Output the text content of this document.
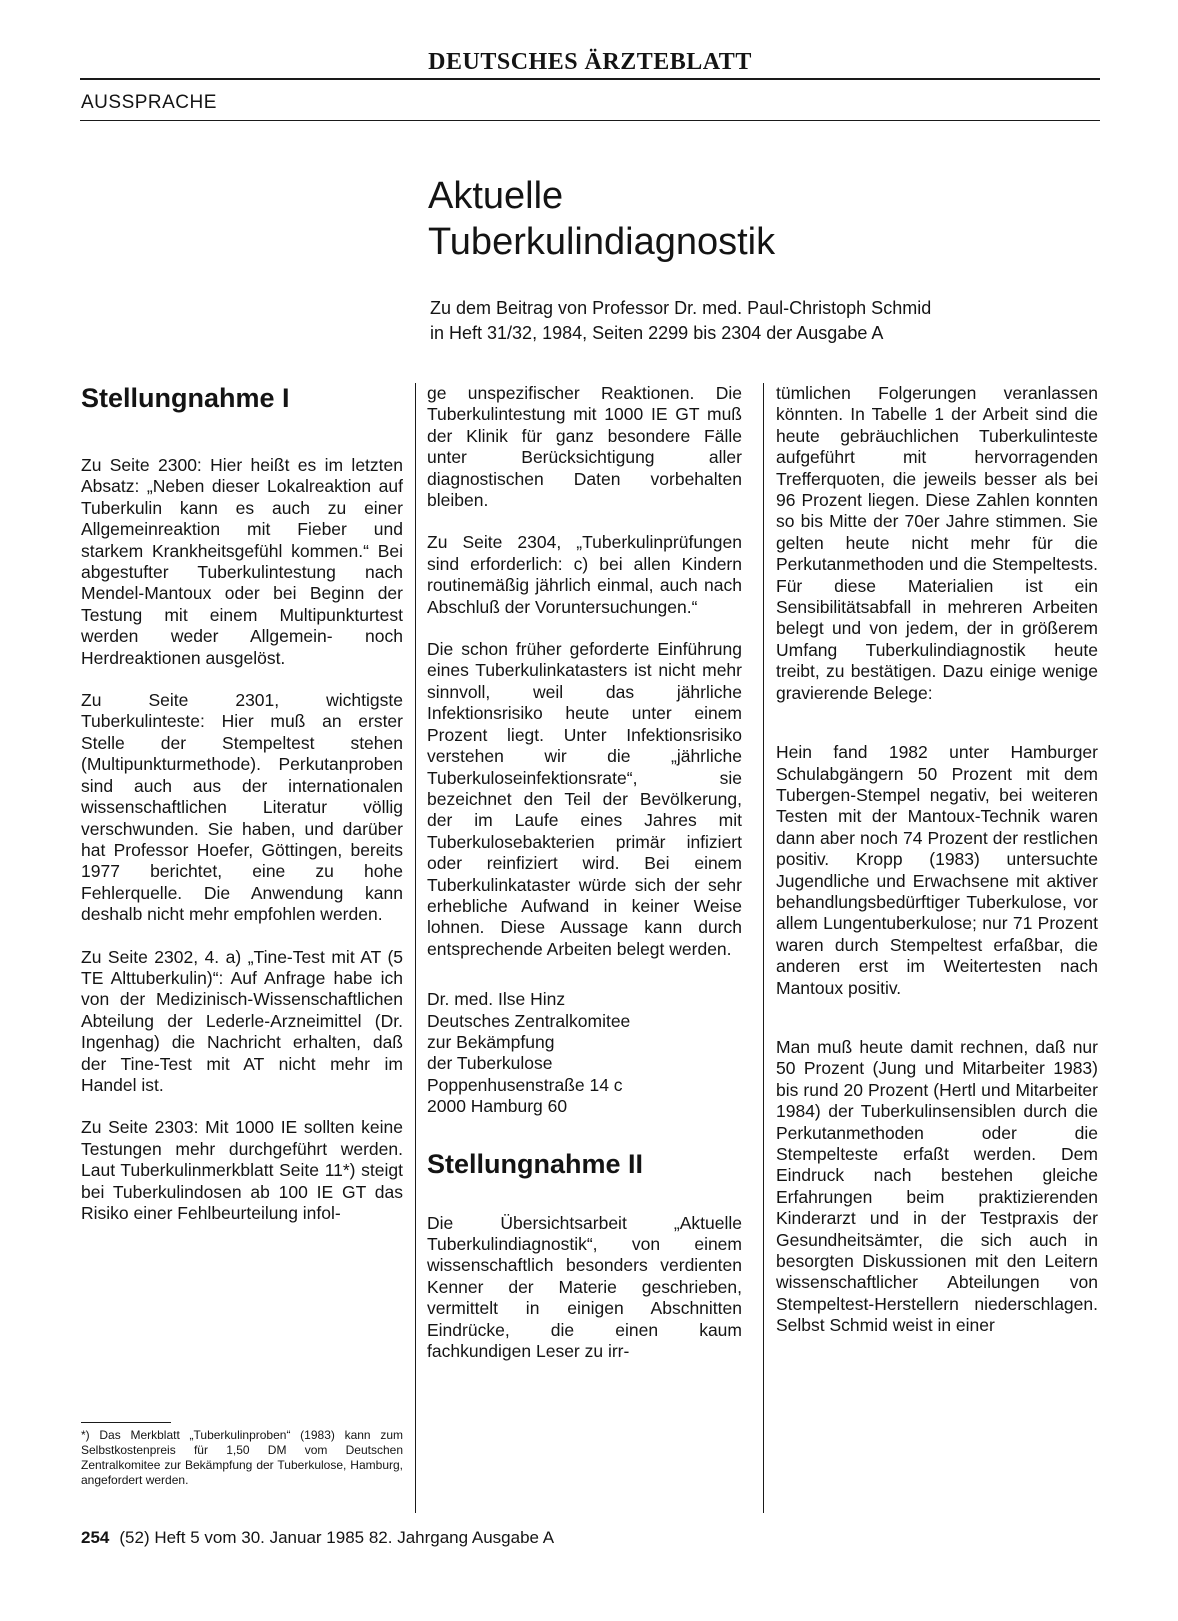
DEUTSCHES ÄRZTEBLATT
AUSSPRACHE
Aktuelle
Tuberkulindiagnostik
Zu dem Beitrag von Professor Dr. med. Paul-Christoph Schmid
in Heft 31/32, 1984, Seiten 2299 bis 2304 der Ausgabe A
Stellungnahme I

Zu Seite 2300: Hier heißt es im letzten Absatz: „Neben dieser Lokalreaktion auf Tuberkulin kann es auch zu einer Allgemeinreaktion mit Fieber und starkem Krankheitsgefühl kommen.“ Bei abgestufter Tuberkulintestung nach Mendel-Mantoux oder bei Beginn der Testung mit einem Multipunkturtest werden weder Allgemein- noch Herdreaktionen ausgelöst.

Zu Seite 2301, wichtigste Tuberkulinteste: Hier muß an erster Stelle der Stempeltest stehen (Multipunkturmethode). Perkutanproben sind auch aus der internationalen wissenschaftlichen Literatur völlig verschwunden. Sie haben, und darüber hat Professor Hoefer, Göttingen, bereits 1977 berichtet, eine zu hohe Fehlerquelle. Die Anwendung kann deshalb nicht mehr empfohlen werden.

Zu Seite 2302, 4. a) „Tine-Test mit AT (5 TE Alttuberkulin)“: Auf Anfrage habe ich von der Medizinisch-Wissenschaftlichen Abteilung der Lederle-Arzneimittel (Dr. Ingenhag) die Nachricht erhalten, daß der Tine-Test mit AT nicht mehr im Handel ist.

Zu Seite 2303: Mit 1000 IE sollten keine Testungen mehr durchgeführt werden. Laut Tuberkulinmerkblatt Seite 11*) steigt bei Tuberkulindosen ab 100 IE GT das Risiko einer Fehlbeurteilung infol-

ge unspezifischer Reaktionen. Die Tuberkulintestung mit 1000 IE GT muß der Klinik für ganz besondere Fälle unter Berücksichtigung aller diagnostischen Daten vorbehalten bleiben.

Zu Seite 2304, „Tuberkulinprüfungen sind erforderlich: c) bei allen Kindern routinemäßig jährlich einmal, auch nach Abschluß der Voruntersuchungen.“

Die schon früher geforderte Einführung eines Tuberkulinkatasters ist nicht mehr sinnvoll, weil das jährliche Infektionsrisiko heute unter einem Prozent liegt. Unter Infektionsrisiko verstehen wir die „jährliche Tuberkuloseinfektionsrate“, sie bezeichnet den Teil der Bevölkerung, der im Laufe eines Jahres mit Tuberkulosebakterien primär infiziert oder reinfiziert wird. Bei einem Tuberkulinkataster würde sich der sehr erhebliche Aufwand in keiner Weise lohnen. Diese Aussage kann durch entsprechende Arbeiten belegt werden.

Dr. med. Ilse Hinz

Deutsches Zentralkomitee

zur Bekämpfung

der Tuberkulose

Poppenhusenstraße 14 c

2000 Hamburg 60

Stellungnahme II

Die Übersichtsarbeit „Aktuelle Tuberkulindiagnostik“, von einem wissenschaftlich besonders verdienten Kenner der Materie geschrieben, vermittelt in einigen Abschnitten Eindrücke, die einen kaum fachkundigen Leser zu irr-

tümlichen Folgerungen veranlassen könnten. In Tabelle 1 der Arbeit sind die heute gebräuchlichen Tuberkulinteste aufgeführt mit hervorragenden Trefferquoten, die jeweils besser als bei 96 Prozent liegen. Diese Zahlen konnten so bis Mitte der 70er Jahre stimmen. Sie gelten heute nicht mehr für die Perkutanmethoden und die Stempeltests. Für diese Materialien ist ein Sensibilitätsabfall in mehreren Arbeiten belegt und von jedem, der in größerem Umfang Tuberkulindiagnostik heute treibt, zu bestätigen. Dazu einige wenige gravierende Belege:

Hein fand 1982 unter Hamburger Schulabgängern 50 Prozent mit dem Tubergen-Stempel negativ, bei weiteren Testen mit der Mantoux-Technik waren dann aber noch 74 Prozent der restlichen positiv. Kropp (1983) untersuchte Jugendliche und Erwachsene mit aktiver behandlungsbedürftiger Tuberkulose, vor allem Lungentuberkulose; nur 71 Prozent waren durch Stempeltest erfaßbar, die anderen erst im Weitertesten nach Mantoux positiv.

Man muß heute damit rechnen, daß nur 50 Prozent (Jung und Mitarbeiter 1983) bis rund 20 Prozent (Hertl und Mitarbeiter 1984) der Tuberkulinsensiblen durch die Perkutanmethoden oder die Stempelteste erfaßt werden. Dem Eindruck nach bestehen gleiche Erfahrungen beim praktizierenden Kinderarzt und in der Testpraxis der Gesundheitsämter, die sich auch in besorgten Diskussionen mit den Leitern wissenschaftlicher Abteilungen von Stempeltest-Herstellern niederschlagen. Selbst Schmid weist in einer

*) Das Merkblatt „Tuberkulinproben“ (1983) kann zum Selbstkostenpreis für 1,50 DM vom Deutschen Zentralkomitee zur Bekämpfung der Tuberkulose, Hamburg, angefordert werden.
254 (52) Heft 5 vom 30. Januar 1985 82. Jahrgang Ausgabe A
